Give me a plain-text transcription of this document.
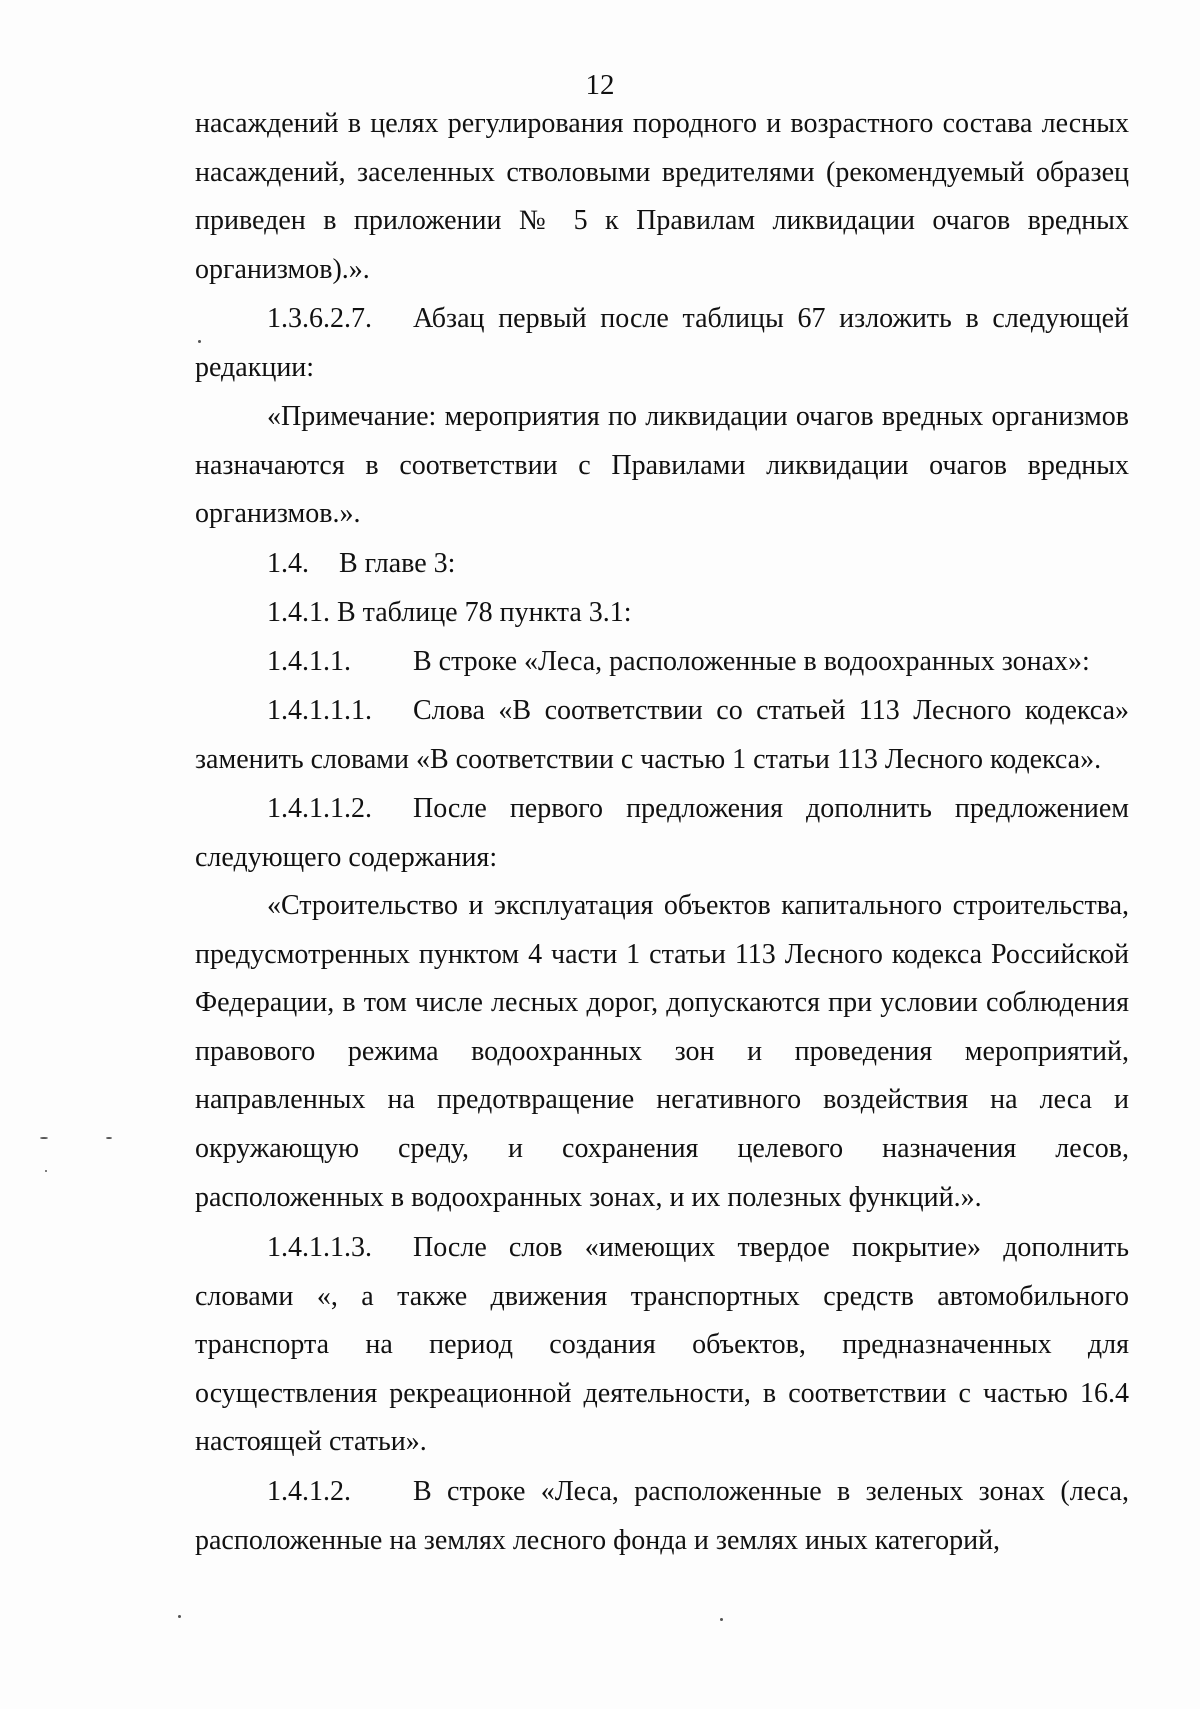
12

насаждений в целях регулирования породного и возрастного состава лесных насаждений, заселенных стволовыми вредителями (рекомендуемый образец приведен в приложении № 5 к Правилам ликвидации очагов вредных организмов).».

1.3.6.2.7. Абзац первый после таблицы 67 изложить в следующей редакции:

«Примечание: мероприятия по ликвидации очагов вредных организмов назначаются в соответствии с Правилами ликвидации очагов вредных организмов.».

1.4. В главе 3:

1.4.1. В таблице 78 пункта 3.1:

1.4.1.1. В строке «Леса, расположенные в водоохранных зонах»:

1.4.1.1.1. Слова «В соответствии со статьей 113 Лесного кодекса» заменить словами «В соответствии с частью 1 статьи 113 Лесного кодекса».

1.4.1.1.2. После первого предложения дополнить предложением следующего содержания:

«Строительство и эксплуатация объектов капитального строительства, предусмотренных пунктом 4 части 1 статьи 113 Лесного кодекса Российской Федерации, в том числе лесных дорог, допускаются при условии соблюдения правового режима водоохранных зон и проведения мероприятий, направленных на предотвращение негативного воздействия на леса и окружающую среду, и сохранения целевого назначения лесов, расположенных в водоохранных зонах, и их полезных функций.».

1.4.1.1.3. После слов «имеющих твердое покрытие» дополнить словами «, а также движения транспортных средств автомобильного транспорта на период создания объектов, предназначенных для осуществления рекреационной деятельности, в соответствии с частью 16.4 настоящей статьи».

1.4.1.2. В строке «Леса, расположенные в зеленых зонах (леса, расположенные на землях лесного фонда и землях иных категорий,
